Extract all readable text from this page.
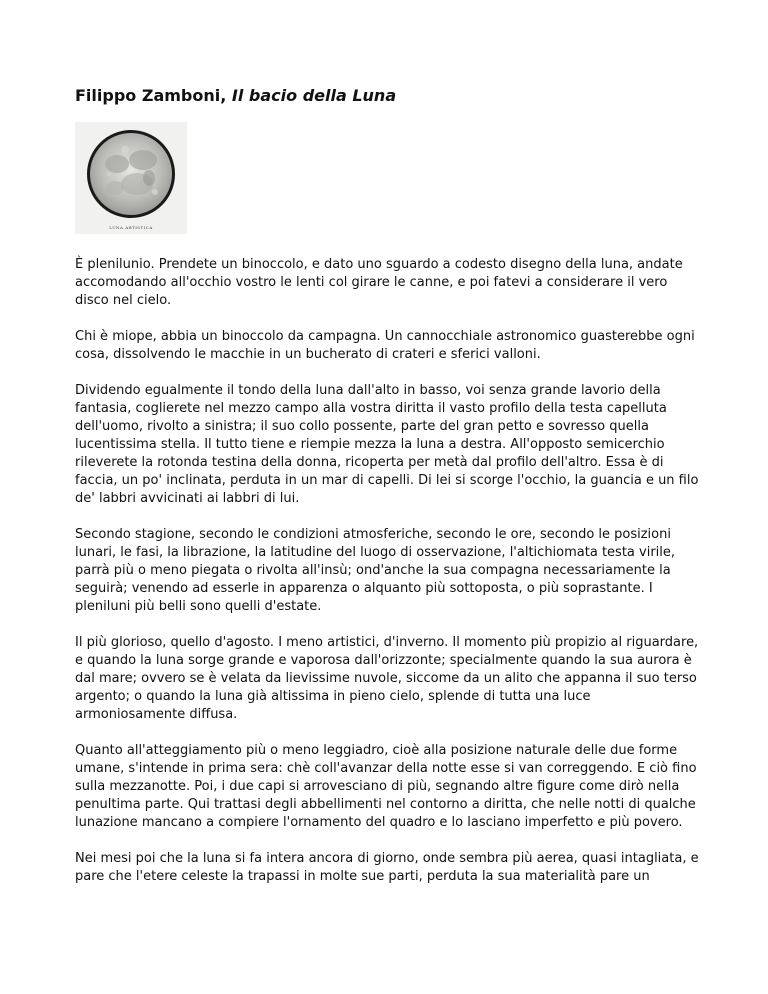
Filippo Zamboni, Il bacio della Luna
LUNA ARTISTICA

È plenilunio. Prendete un binoccolo, e dato uno sguardo a codesto disegno della luna, andate accomodando all'occhio vostro le lenti col girare le canne, e poi fatevi a considerare il vero disco nel cielo.

Chi è miope, abbia un binoccolo da campagna. Un cannocchiale astronomico guasterebbe ogni cosa, dissolvendo le macchie in un bucherato di crateri e sferici valloni.

Dividendo egualmente il tondo della luna dall'alto in basso, voi senza grande lavorio della fantasia, coglierete nel mezzo campo alla vostra diritta il vasto profilo della testa capelluta dell'uomo, rivolto a sinistra; il suo collo possente, parte del gran petto e sovresso quella lucentissima stella. Il tutto tiene e riempie mezza la luna a destra. All'opposto semicerchio rileverete la rotonda testina della donna, ricoperta per metà dal profilo dell'altro. Essa è di faccia, un po' inclinata, perduta in un mar di capelli. Di lei si scorge l'occhio, la guancia e un filo de' labbri avvicinati ai labbri di lui.

Secondo stagione, secondo le condizioni atmosferiche, secondo le ore, secondo le posizioni lunari, le fasi, la librazione, la latitudine del luogo di osservazione, l'altichiomata testa virile, parrà più o meno piegata o rivolta all'insù; ond'anche la sua compagna necessariamente la seguirà; venendo ad esserle in apparenza o alquanto più sottoposta, o più soprastante. I pleniluni più belli sono quelli d'estate.

Il più glorioso, quello d'agosto. I meno artistici, d'inverno. Il momento più propizio al riguardare, e quando la luna sorge grande e vaporosa dall'orizzonte; specialmente quando la sua aurora è dal mare; ovvero se è velata da lievissime nuvole, siccome da un alito che appanna il suo terso argento; o quando la luna già altissima in pieno cielo, splende di tutta una luce armoniosamente diffusa.

Quanto all'atteggiamento più o meno leggiadro, cioè alla posizione naturale delle due forme umane, s'intende in prima sera: chè coll'avanzar della notte esse si van correggendo. E ciò fino sulla mezzanotte. Poi, i due capi si arrovesciano di più, segnando altre figure come dirò nella penultima parte. Qui trattasi degli abbellimenti nel contorno a diritta, che nelle notti di qualche lunazione mancano a compiere l'ornamento del quadro e lo lasciano imperfetto e più povero.

Nei mesi poi che la luna si fa intera ancora di giorno, onde sembra più aerea, quasi intagliata, e pare che l'etere celeste la trapassi in molte sue parti, perduta la sua materialità pare un
